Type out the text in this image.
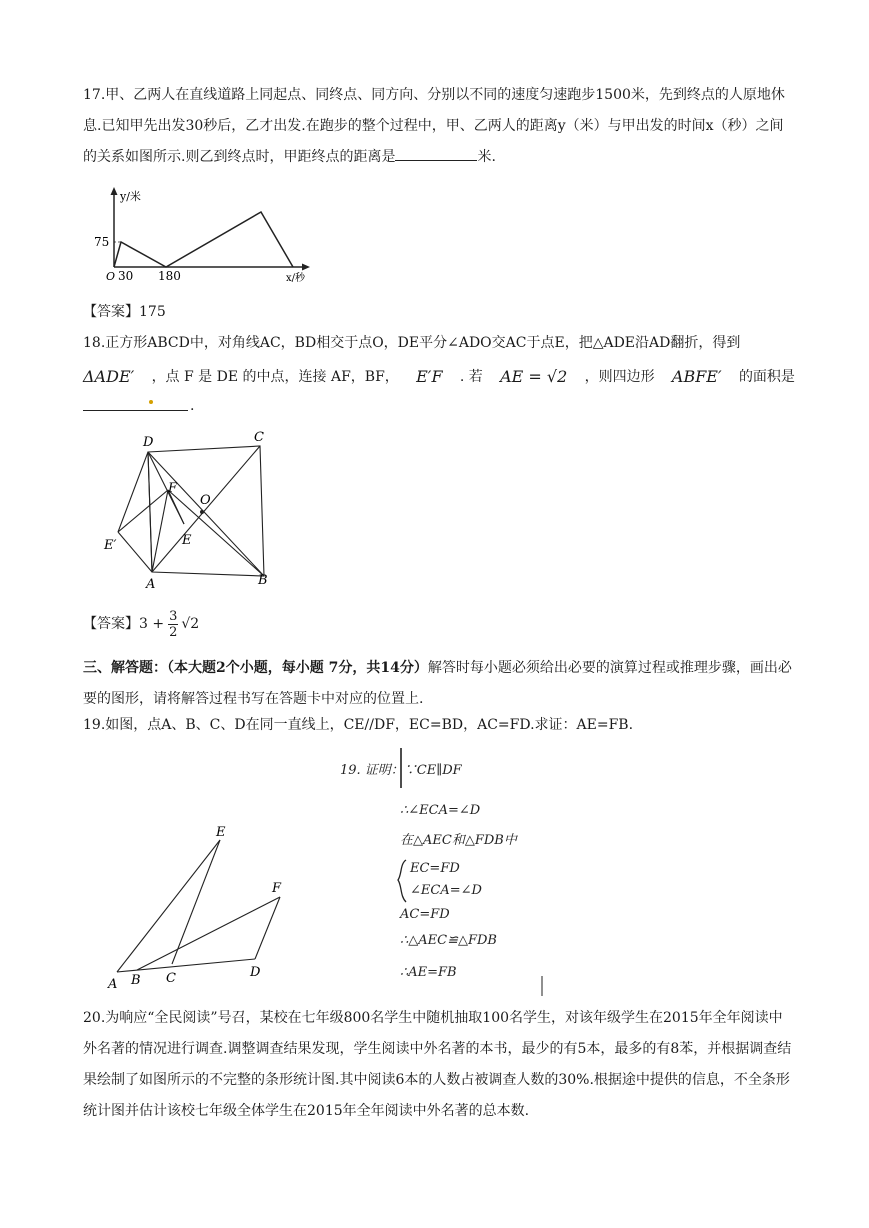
17.甲、乙两人在直线道路上同起点、同终点、同方向、分别以不同的速度匀速跑步1500米，先到终点的人原地休息.已知甲先出发30秒后，乙才出发.在跑步的整个过程中，甲、乙两人的距离y（米）与甲出发的时间x（秒）之间的关系如图所示.则乙到终点时，甲距终点的距离是	米.
y/米
x/秒
75
O 30 180
【答案】175
18.正方形ABCD中，对角线AC，BD相交于点O，DE平分∠ADO交AC于点E，把△ADE沿AD翻折，得到
ΔADE′ ，点 F 是 DE 的中点，连接 AF，BF， E′F . 若 AE = √2 ，则四边形 ABFE′ 的面积是
.
D	C
F
O
E′	E
A	B
【答案】 $3 + \frac{3}{2} √2$
三、解答题：（本大题2个小题，每小题 7分，共14分）解答时每小题必须给出必要的演算过程或推理步骤，画出必要的图形，请将解答过程书写在答题卡中对应的位置上.
19.如图，点A、B、C、D在同一直线上，CE//DF，EC=BD，AC=FD.求证：AE=FB.
E
F
A B C	D
19. 证明：∵CE∥DF
∴∠ECA=∠D
在△AEC和△FDB中
EC=FD
∠ECA=∠D
AC=FD
∴△AEC≌△FDB
∴AE=FB
20.为响应“全民阅读”号召，某校在七年级800名学生中随机抽取100名学生，对该年级学生在2015年全年阅读中外名著的情况进行调查.调整调查结果发现，学生阅读中外名著的本书，最少的有5本，最多的有8苯，并根据调查结果绘制了如图所示的不完整的条形统计图.其中阅读6本的人数占被调查人数的30%.根据途中提供的信息，不全条形统计图并估计该校七年级全体学生在2015年全年阅读中外名著的总本数.
